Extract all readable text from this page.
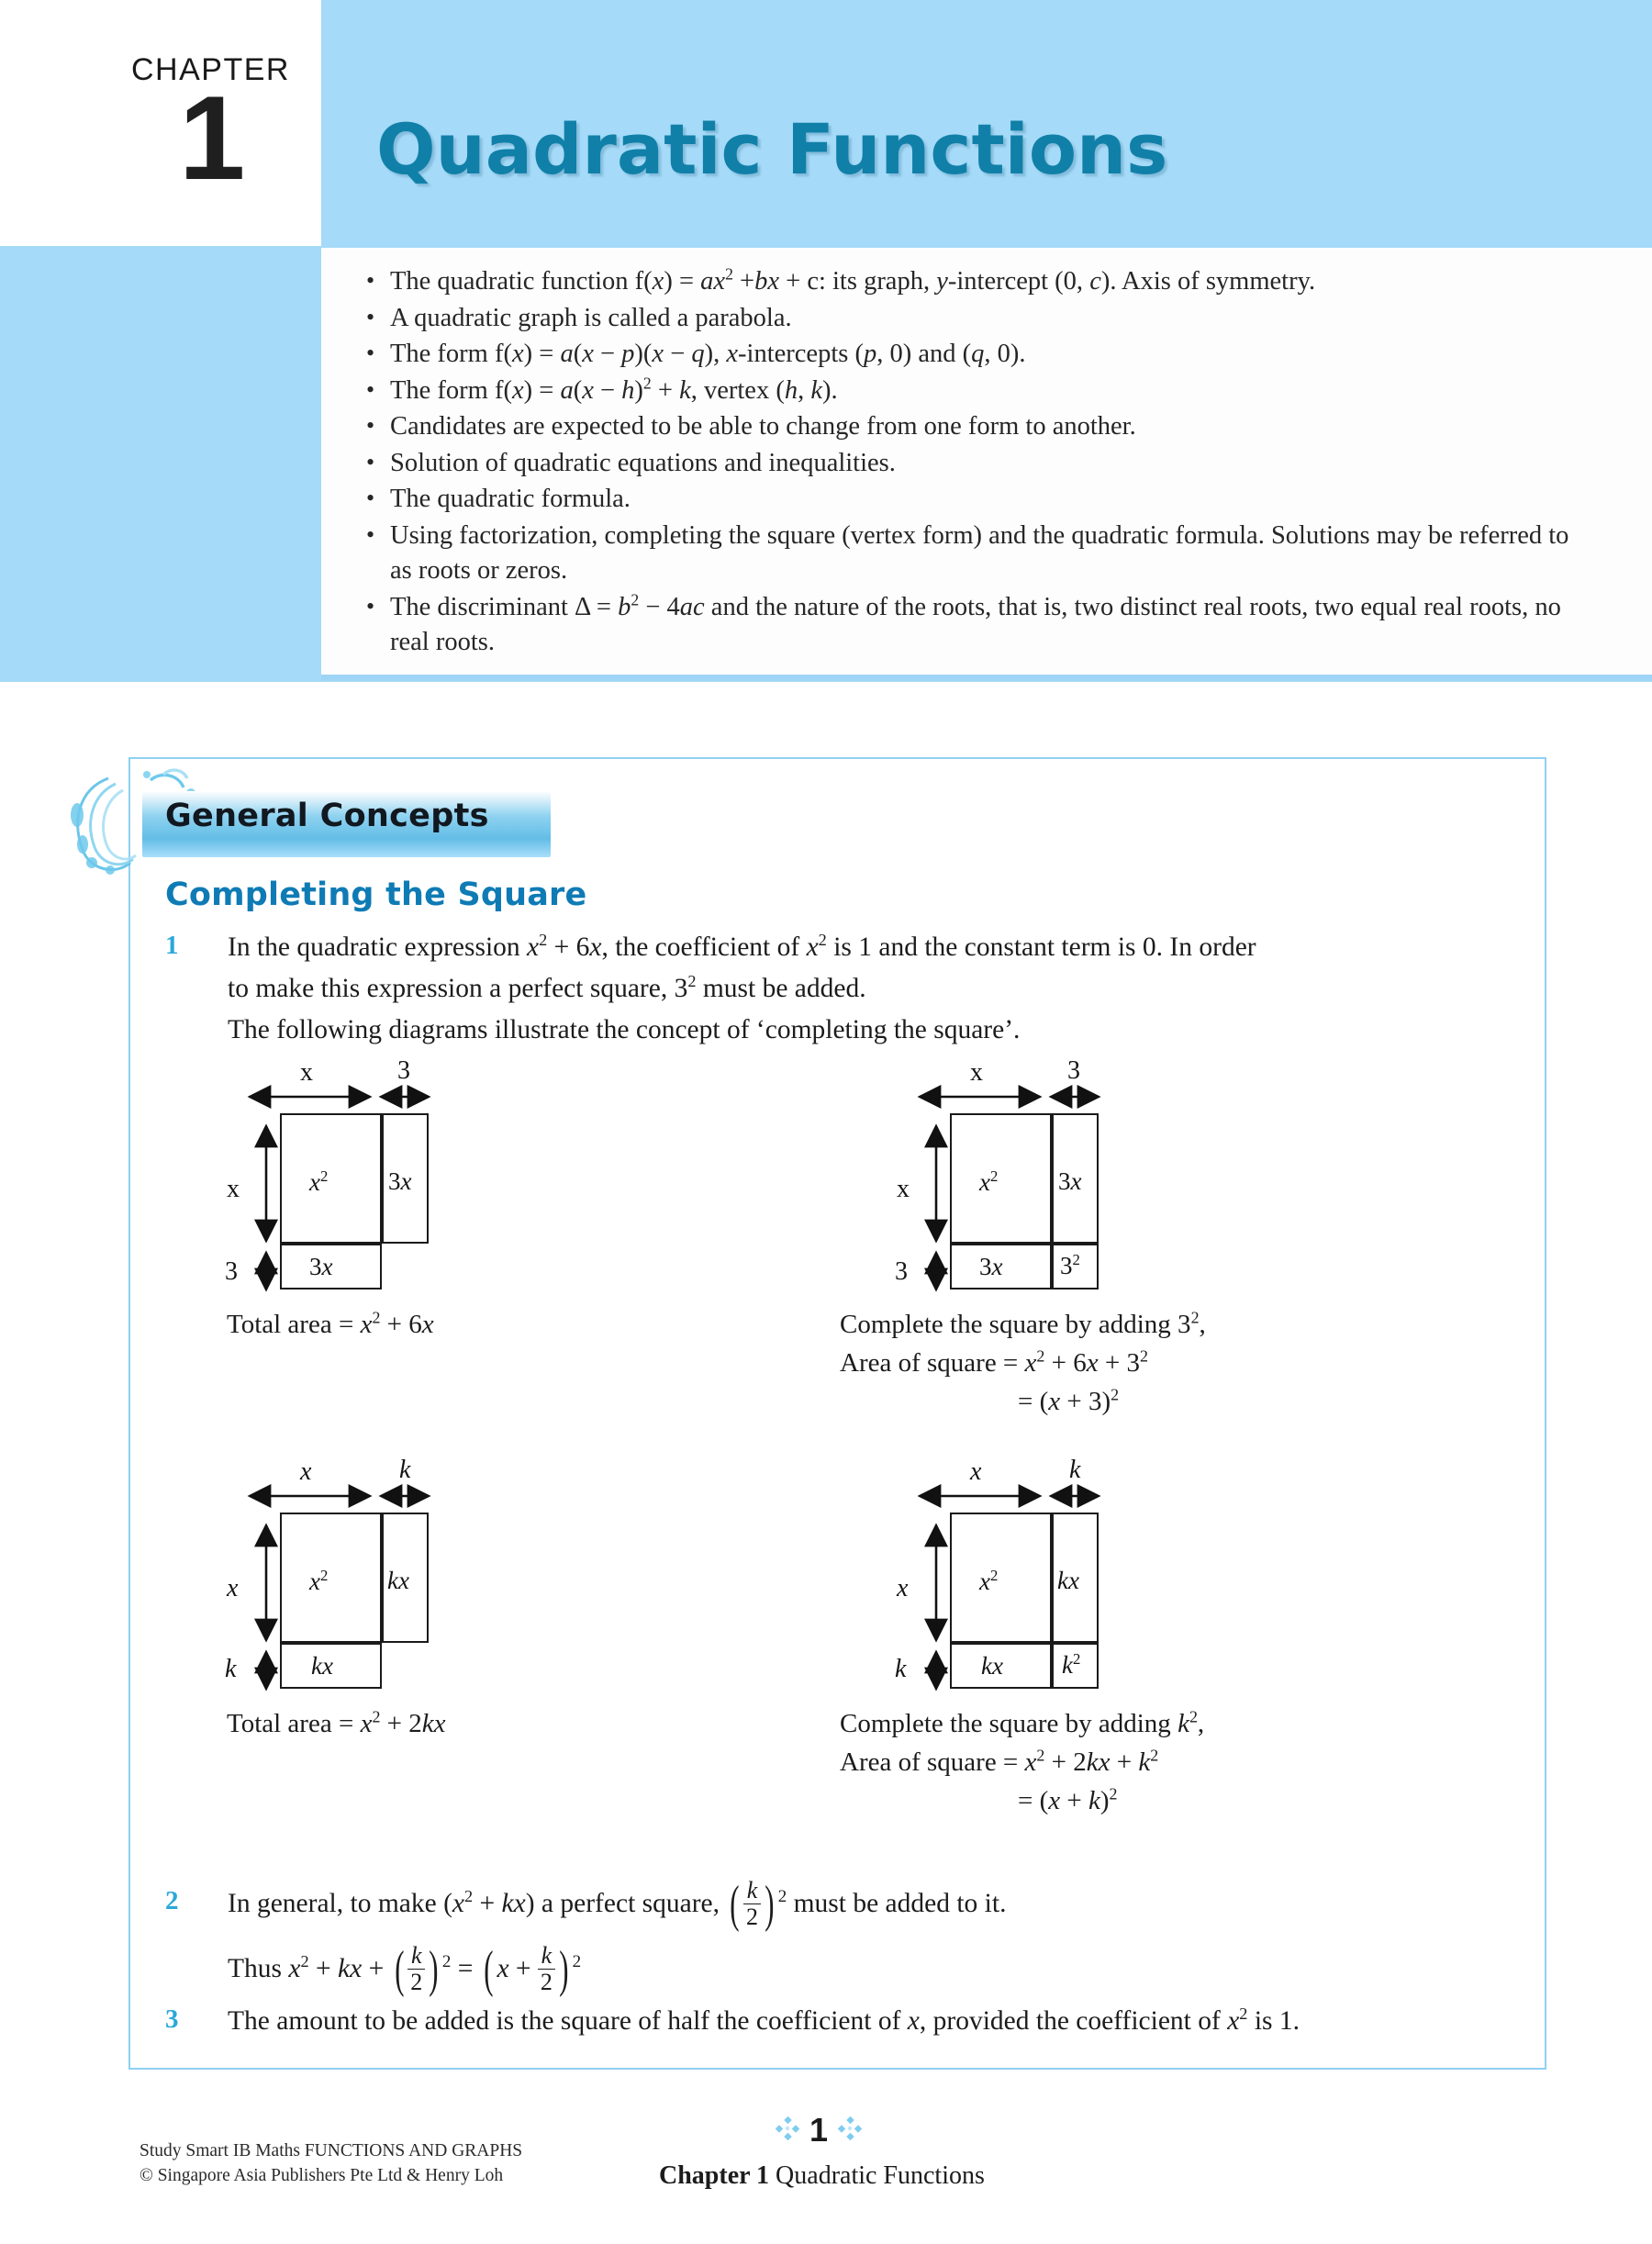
CHAPTER
1 Quadratic Functions
• The quadratic function $f(x) = ax^2 +bx + c$: its graph, y-intercept (0, c). Axis of symmetry.
• A quadratic graph is called a parabola.
• The form f(x) = a(x − p)(x − q), x-intercepts (p, 0) and (q, 0).
• The form $f(x) = a(x - h)^2 + k$, vertex (h, k).
• Candidates are expected to be able to change from one form to another.
• Solution of quadratic equations and inequalities.
• The quadratic formula.
• Using factorization, completing the square (vertex form) and the quadratic formula. Solutions may be referred to as roots or zeros.
• The discriminant $\Delta = b^2 - 4ac$ and the nature of the roots, that is, two distinct real roots, two equal real roots, no real roots.
General Concepts
Completing the Square
1 In the quadratic expression $x^2 + 6x$, the coefficient of $x^2$ is 1 and the constant term is 0. In order
to make this expression a perfect square, $3^2$ must be added.
The following diagrams illustrate the concept of ‘completing the square’.
x	3
x
3
$x^2$ 3x
3x
Total area = $x^2 + 6x$
x	3
x
3
$x^2$ 3x
3x $3^2$
Complete the square by adding $3^2$,
Area of square = $x^2 + 6x + 3^2$
= $(x + 3)^2$
x	k
x
k
$x^2$ kx
kx
Total area = $x^2 + 2kx$
x	k
x
k
$x^2$ kx
kx $k^2$
Complete the square by adding $k^2$,
Area of square = $x^2 + 2kx + k^2$
= $(x + k)^2$
2 In general, to make $(x^2 + kx)$ a perfect square, ( k
2 ) 2 must be added to it.
Thus $x^2$ + kx + ( k
2 ) 2 = ( $x + \frac{k}{2}$ ) 2
3 The amount to be added is the square of half the coefficient of x, provided the coefficient of $x^2$ is 1.
Study Smart IB Maths FUNCTIONS AND GRAPHS
© Singapore Asia Publishers Pte Ltd & Henry Loh
1
Chapter 1 Quadratic Functions
